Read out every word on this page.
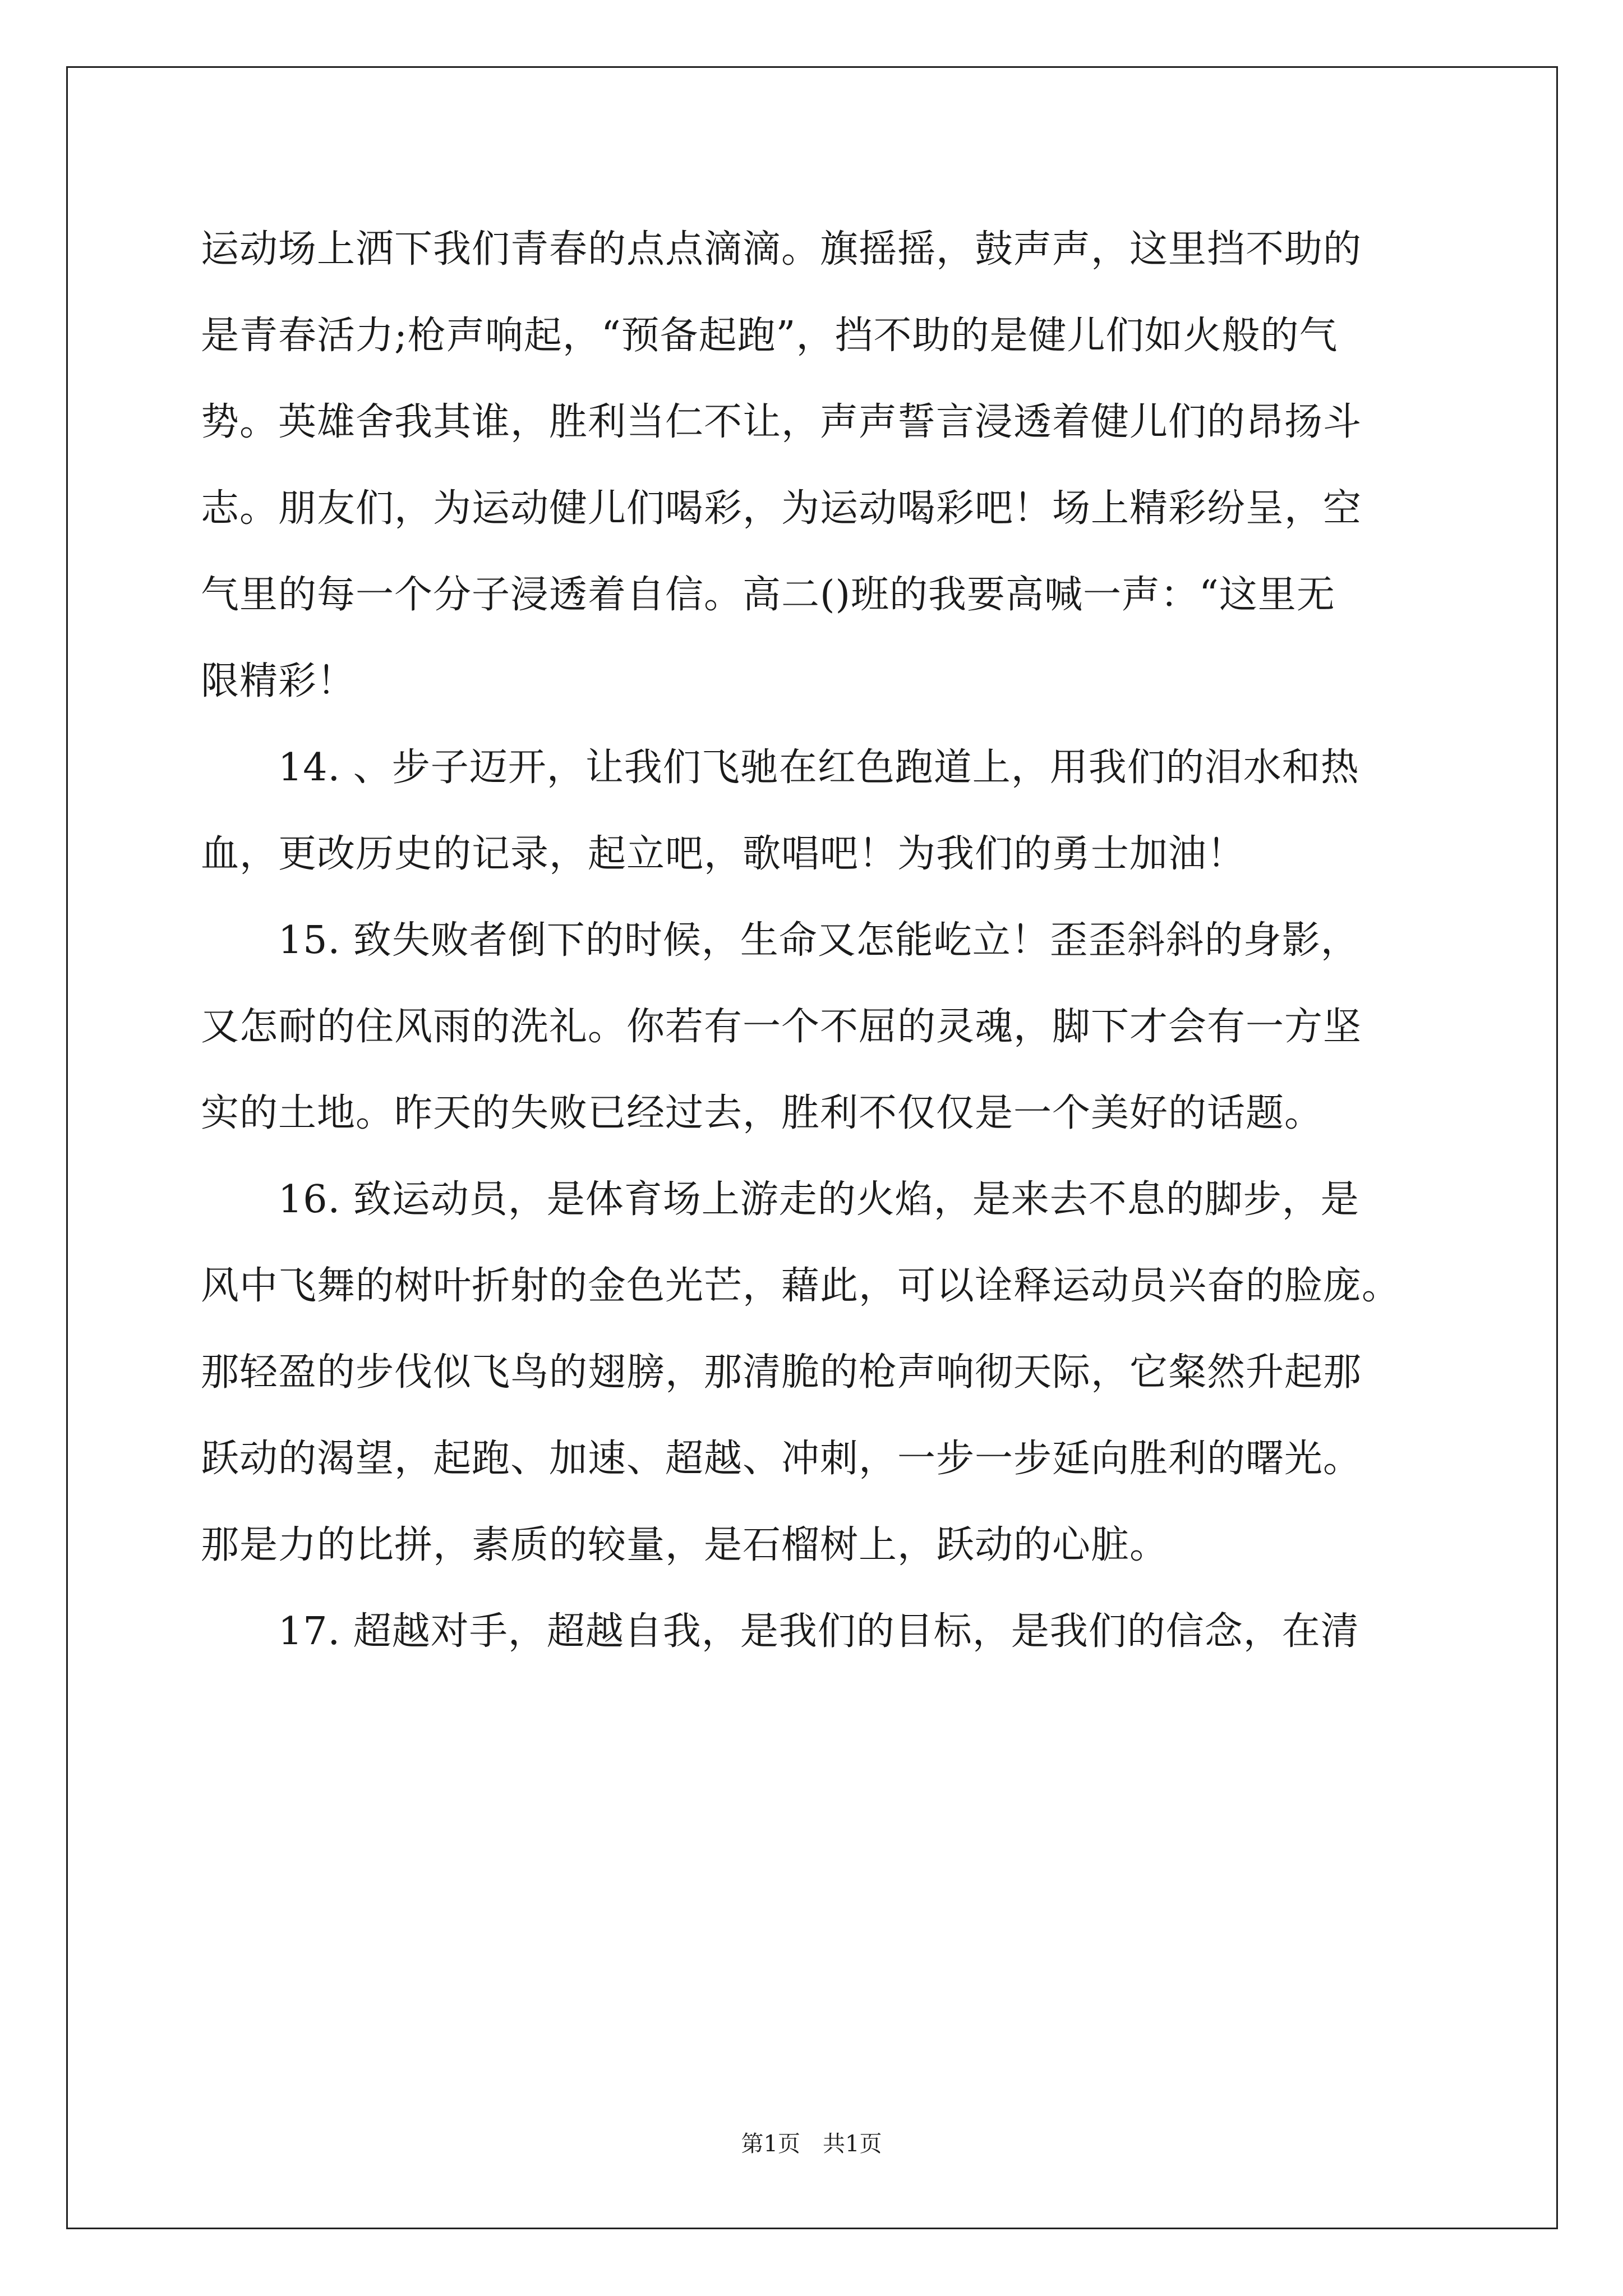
运动场上洒下我们青春的点点滴滴。旗摇摇，鼓声声，这里挡不助的
是青春活力;枪声响起，“预备起跑”，挡不助的是健儿们如火般的气
势。英雄舍我其谁，胜利当仁不让，声声誓言浸透着健儿们的昂扬斗
志。朋友们，为运动健儿们喝彩，为运动喝彩吧！场上精彩纷呈，空
气里的每一个分子浸透着自信。高二()班的我要高喊一声：“这里无
限精彩！
　　14. 、步子迈开，让我们飞驰在红色跑道上，用我们的泪水和热
血，更改历史的记录，起立吧，歌唱吧！为我们的勇士加油！
　　15. 致失败者倒下的时候，生命又怎能屹立！歪歪斜斜的身影，
又怎耐的住风雨的洗礼。你若有一个不屈的灵魂，脚下才会有一方坚
实的土地。昨天的失败已经过去，胜利不仅仅是一个美好的话题。
　　16. 致运动员，是体育场上游走的火焰，是来去不息的脚步，是
风中飞舞的树叶折射的金色光芒，藉此，可以诠释运动员兴奋的脸庞。
那轻盈的步伐似飞鸟的翅膀，那清脆的枪声响彻天际，它粲然升起那
跃动的渴望，起跑、加速、超越、冲刺，一步一步延向胜利的曙光。
那是力的比拼，素质的较量，是石榴树上，跃动的心脏。
　　17. 超越对手，超越自我，是我们的目标，是我们的信念，在清
第1页　共1页
